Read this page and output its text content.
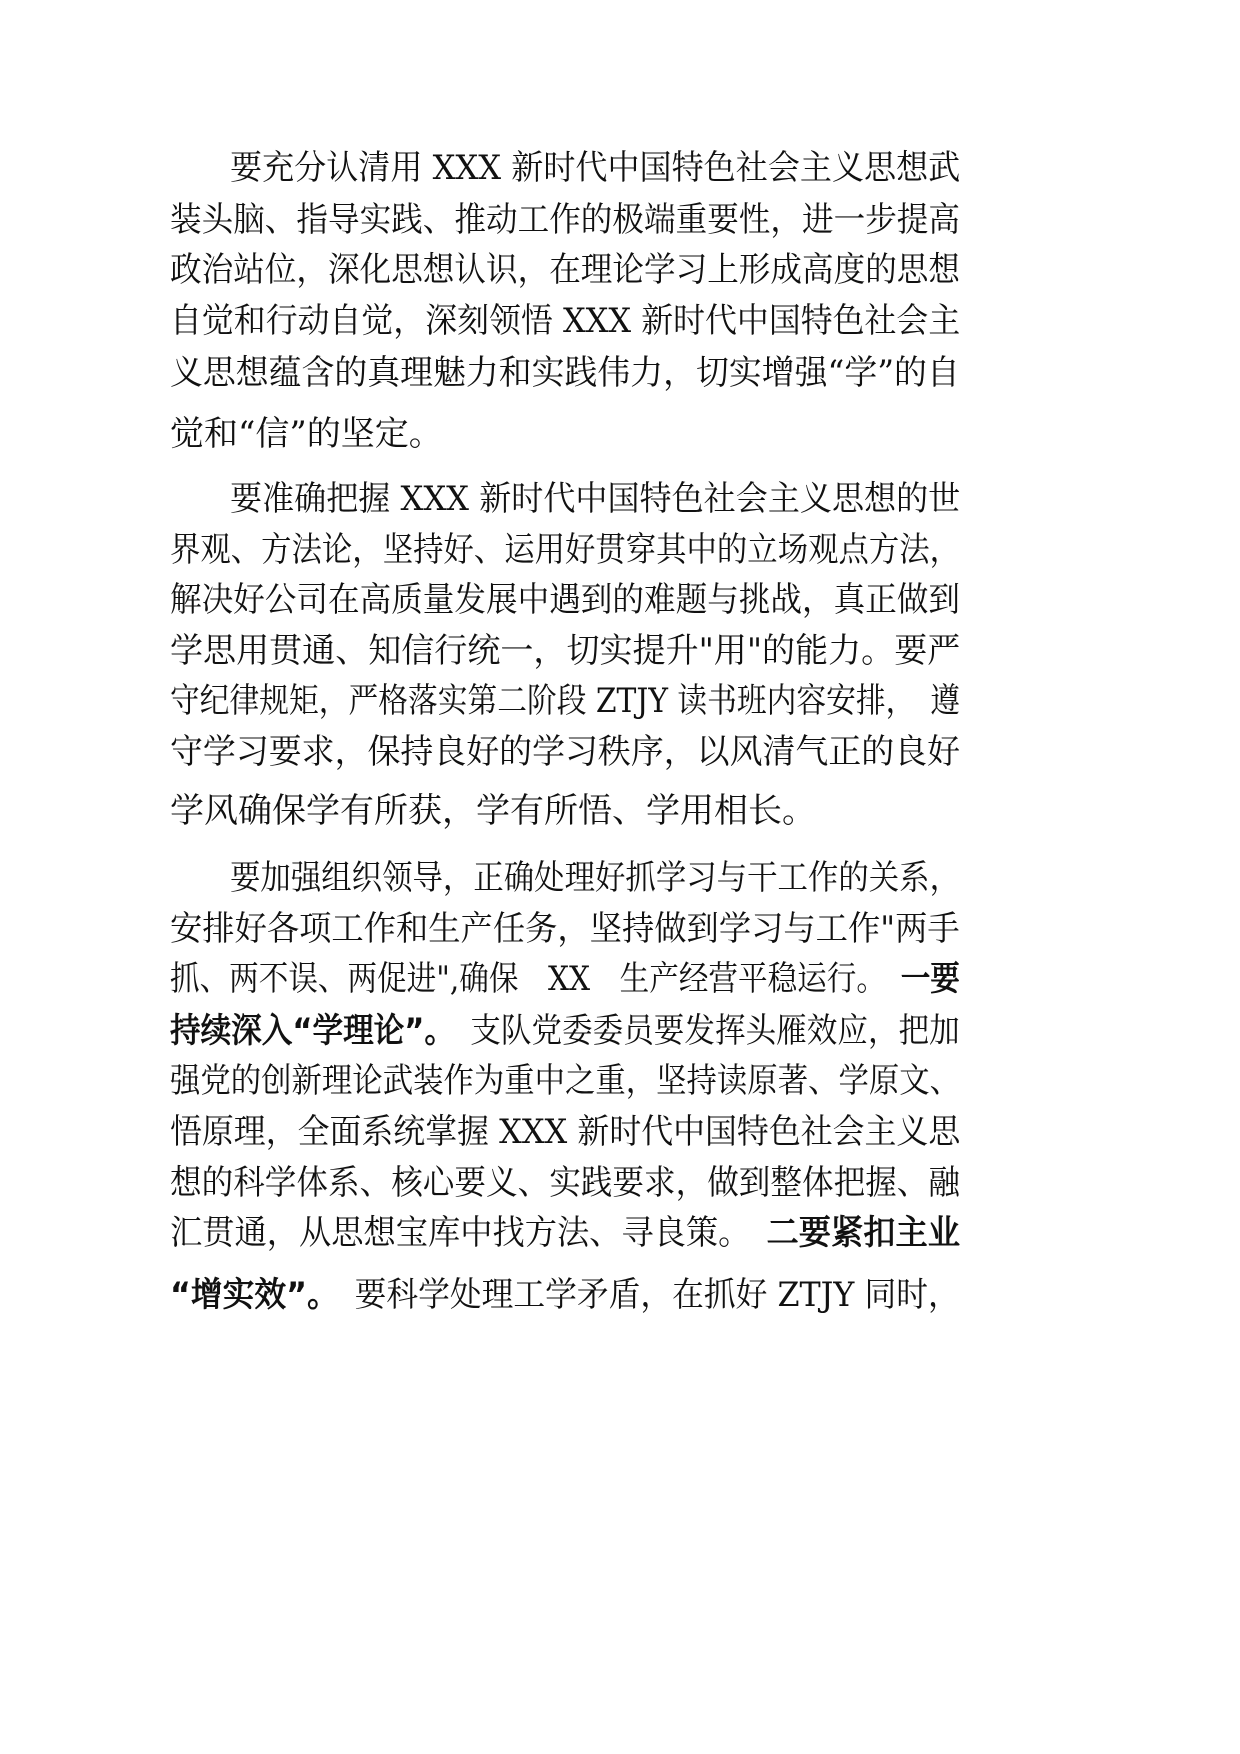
要充分认清用 XXX 新时代中国特色社会主义思想武
装头脑、指导实践、推动工作的极端重要性，进一步提高
政治站位，深化思想认识，在理论学习上形成高度的思想
自觉和行动自觉，深刻领悟 XXX 新时代中国特色社会主
义思想蕴含的真理魅力和实践伟力，切实增强“学”的自
觉和“信”的坚定。
要准确把握 XXX 新时代中国特色社会主义思想的世
界观、方法论，坚持好、运用好贯穿其中的立场观点方法，
解决好公司在高质量发展中遇到的难题与挑战，真正做到
学思用贯通、知信行统一，切实提升"用"的能力。要严
守纪律规矩，严格落实第二阶段 ZTJY 读书班内容安排，　遵
守学习要求，保持良好的学习秩序，以风清气正的良好
学风确保学有所获，学有所悟、学用相长。
要加强组织领导，正确处理好抓学习与干工作的关系，
安排好各项工作和生产任务，坚持做到学习与工作"两手
抓、两不误、两促进",确保　XX　生产经营平稳运行。　一要
持续深入“学理论”。　支队党委委员要发挥头雁效应，把加
强党的创新理论武装作为重中之重，坚持读原著、学原文、
悟原理，全面系统掌握 XXX 新时代中国特色社会主义思
想的科学体系、核心要义、实践要求，做到整体把握、融
汇贯通，从思想宝库中找方法、寻良策。　二要紧扣主业
“增实效”。　要科学处理工学矛盾，在抓好 ZTJY 同时，
